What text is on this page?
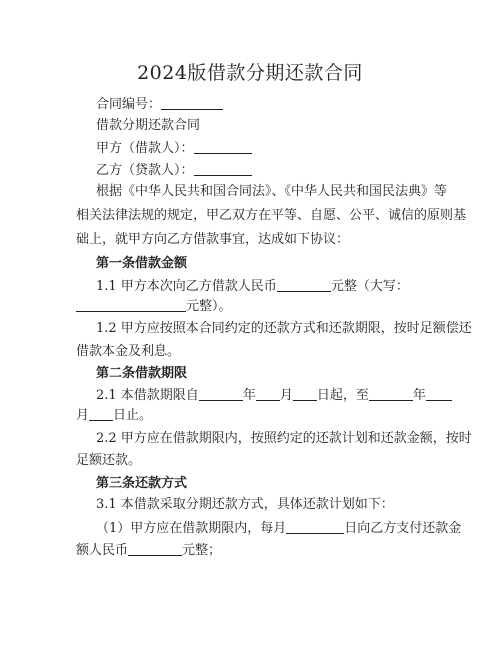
2024版借款分期还款合同
合同编号：
借款分期还款合同
甲方（借款人）：
乙方（贷款人）：
根据《中华人民共和国合同法》、《中华人民共和国民法典》等
相关法律法规的规定，甲乙双方在平等、自愿、公平、诚信的原则基
础上，就甲方向乙方借款事宜，达成如下协议：
第一条借款金额
1.1 甲方本次向乙方借款人民币	元整（大写：
元整）。
1.2 甲方应按照本合同约定的还款方式和还款期限，按时足额偿还
借款本金及利息。
第二条借款期限
2.1 本借款期限自	年 月 日起，至	年
月 日止。
2.2 甲方应在借款期限内，按照约定的还款计划和还款金额，按时
足额还款。
第三条还款方式
3.1 本借款采取分期还款方式，具体还款计划如下：
（1）甲方应在借款期限内，每月	日向乙方支付还款金
额人民币	元整；
